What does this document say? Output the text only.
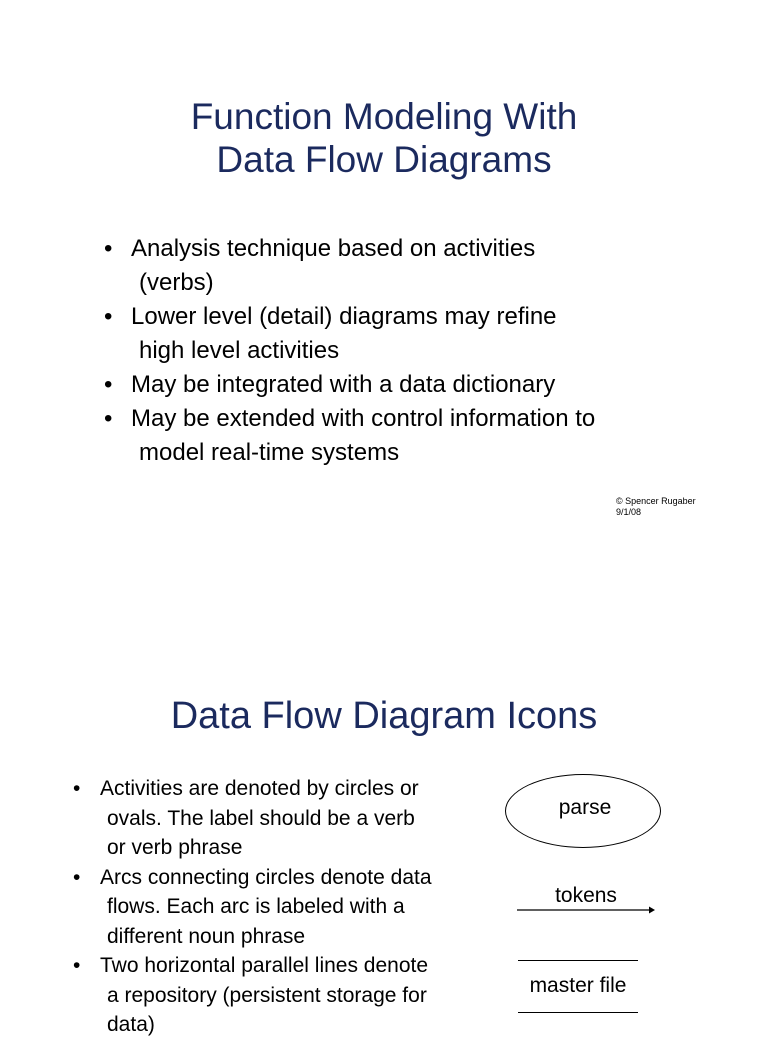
Function Modeling With
Data Flow Diagrams
• Analysis technique based on activities
(verbs)
• Lower level (detail) diagrams may refine
high level activities
• May be integrated with a data dictionary
• May be extended with control information to
model real-time systems
© Spencer Rugaber
9/1/08
Data Flow Diagram Icons
• Activities are denoted by circles or
ovals. The label should be a verb
or verb phrase
• Arcs connecting circles denote data
flows. Each arc is labeled with a
different noun phrase
• Two horizontal parallel lines denote
a repository (persistent storage for
data)
parse
tokens
master file
